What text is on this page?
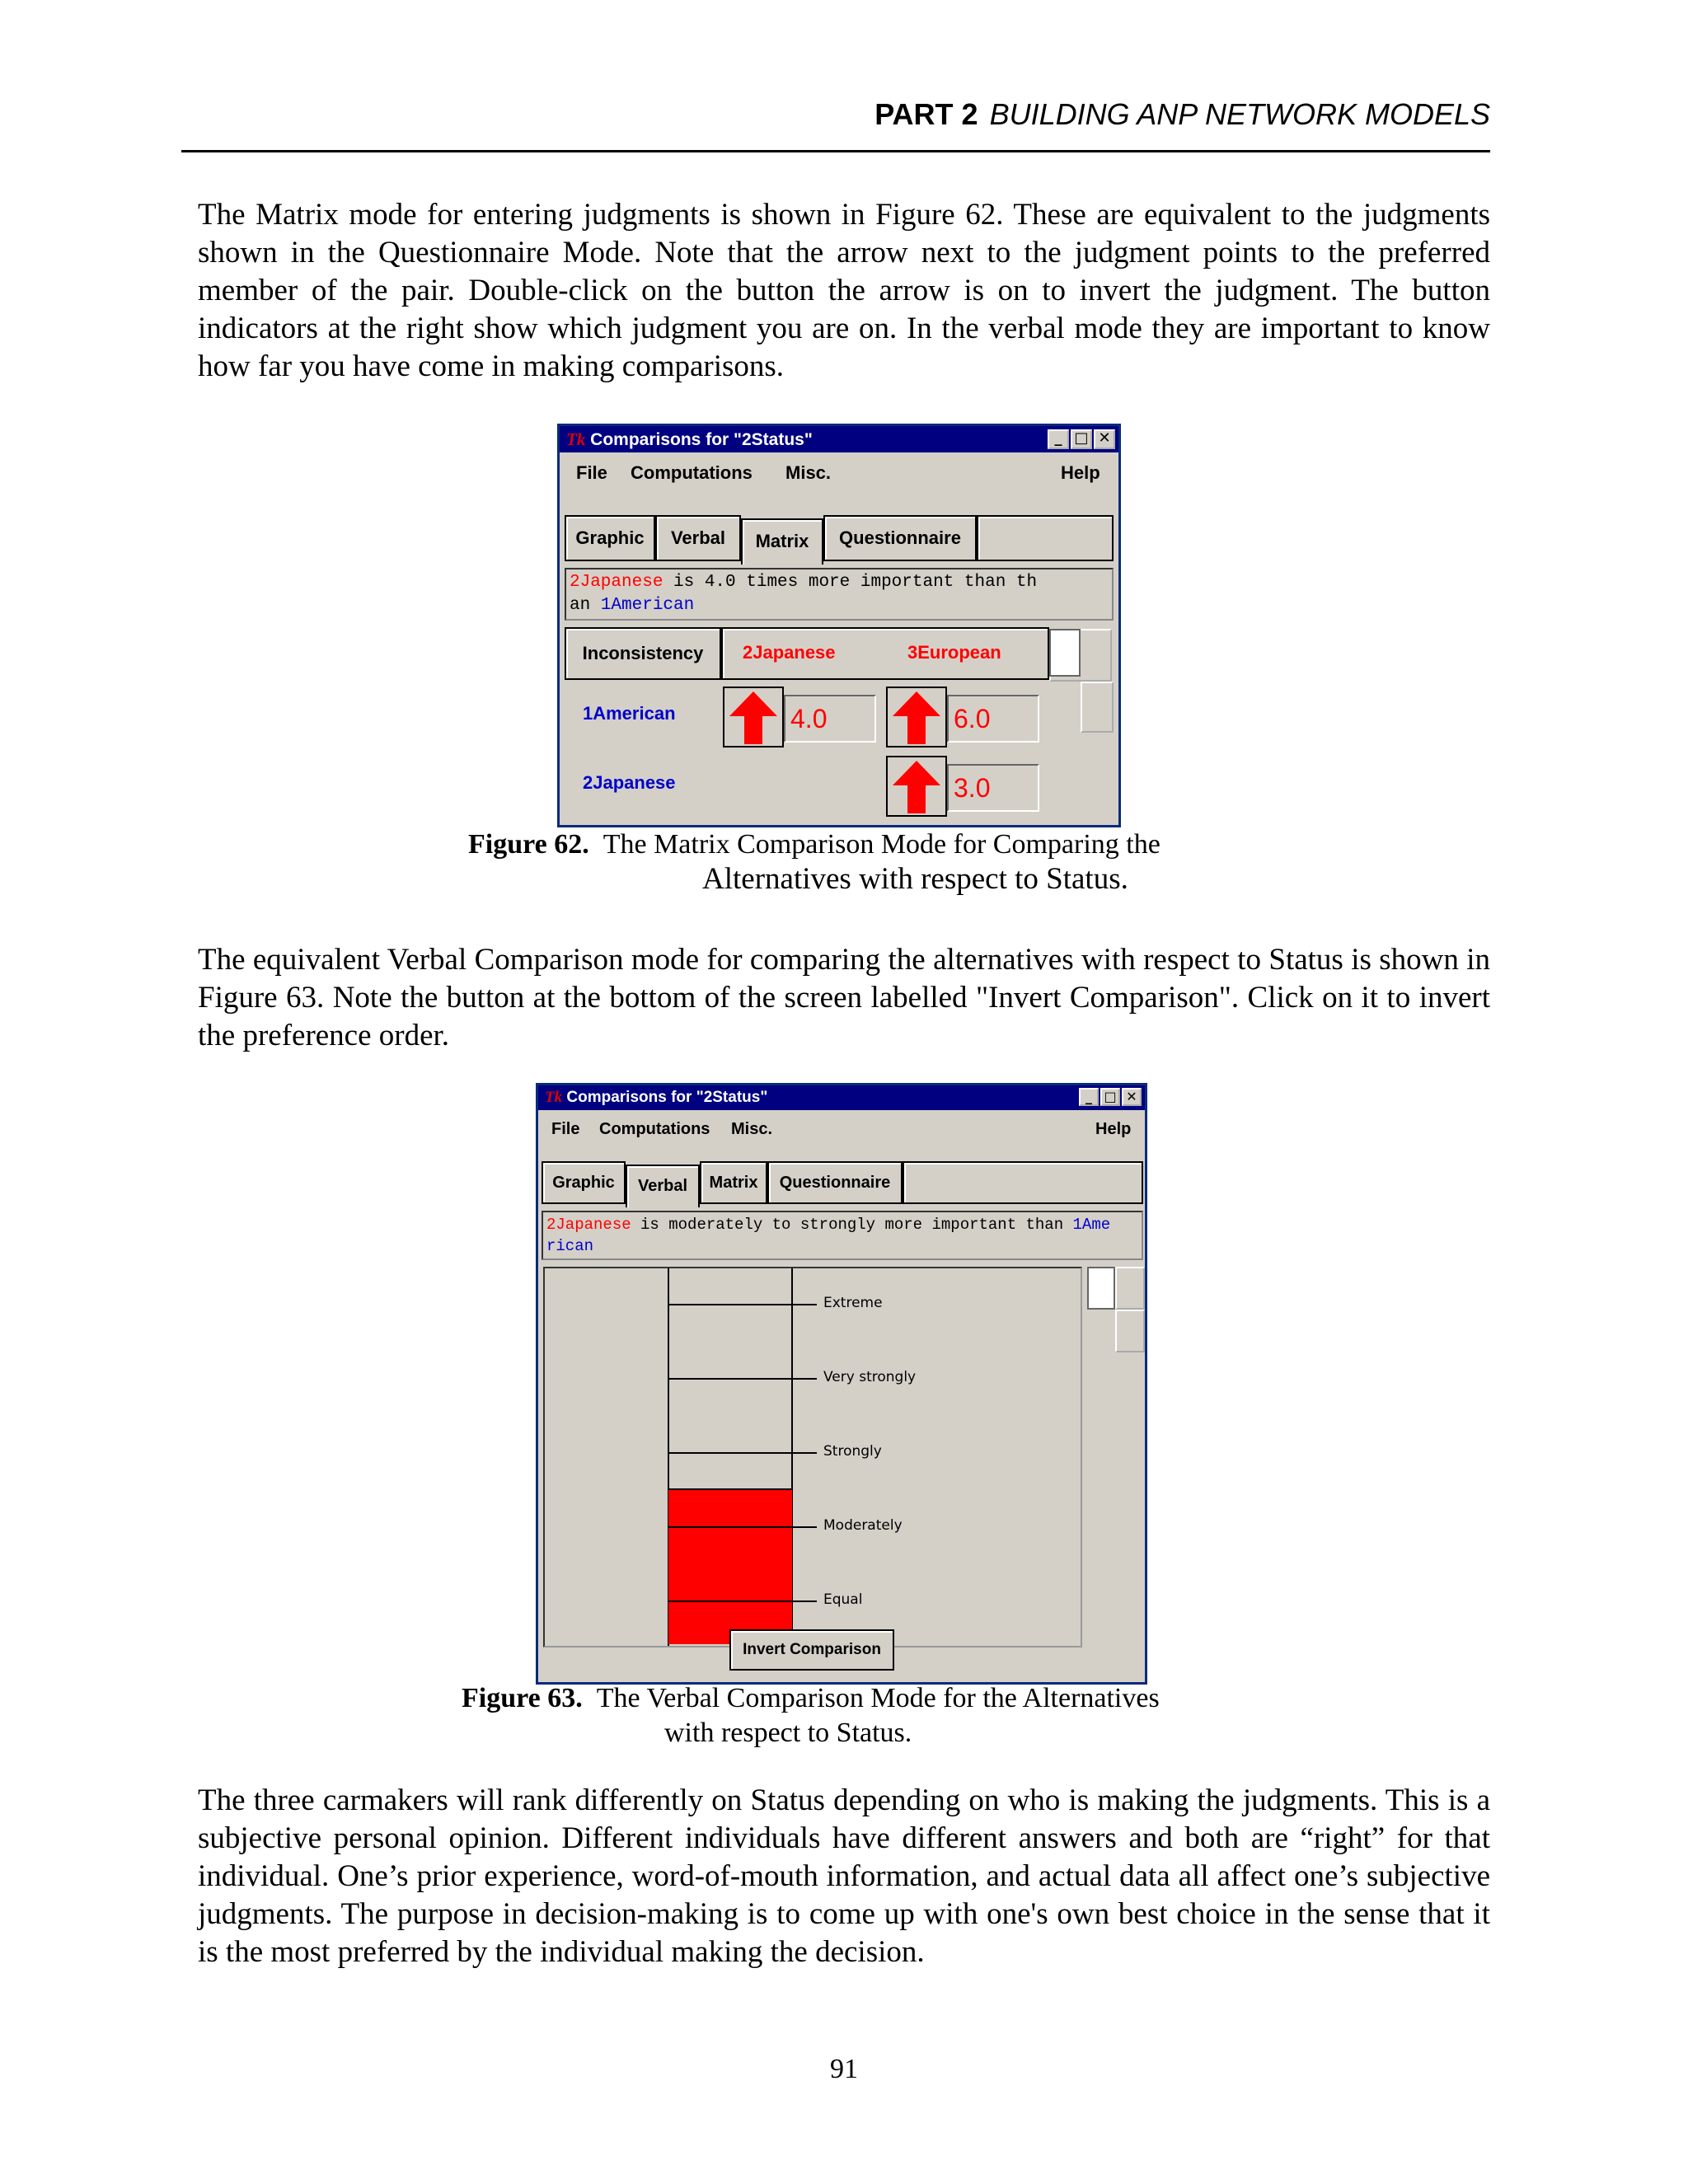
PART 2 BUILDING ANP NETWORK MODELS
The Matrix mode for entering judgments is shown in Figure 62. These are equivalent to the judgments shown in the Questionnaire Mode. Note that the arrow next to the judgment points to the preferred member of the pair. Double-click on the button the arrow is on to invert the judgment. The button indicators at the right show which judgment you are on. In the verbal mode they are important to know how far you have come in making comparisons.
Tk Comparisons for "2Status"	_ □ ✕
File Computations Misc.	Help
Graphic	Verbal	Matrix	Questionnaire
2Japanese is 4.0 times more important than th
an 1American
Inconsistency	2Japanese	3European
1American
2Japanese
4.0	6.0
3.0
Figure 62. The Matrix Comparison Mode for Comparing the
Alternatives with respect to Status.
The equivalent Verbal Comparison mode for comparing the alternatives with respect to Status is shown in Figure 63. Note the button at the bottom of the screen labelled "Invert Comparison". Click on it to invert the preference order.
Tk Comparisons for "2Status"	_ □ ✕
File Computations Misc.	Help
Graphic	Verbal	Matrix	Questionnaire
2Japanese is moderately to strongly more important than 1Ame
rican
Extreme
Very strongly
Strongly
Moderately
Equal
Invert Comparison
Figure 63. The Verbal Comparison Mode for the Alternatives
with respect to Status.
The three carmakers will rank differently on Status depending on who is making the judgments. This is a subjective personal opinion. Different individuals have different answers and both are “right” for that individual. One’s prior experience, word-of-mouth information, and actual data all affect one’s subjective judgments. The purpose in decision-making is to come up with one's own best choice in the sense that it is the most preferred by the individual making the decision.
91
